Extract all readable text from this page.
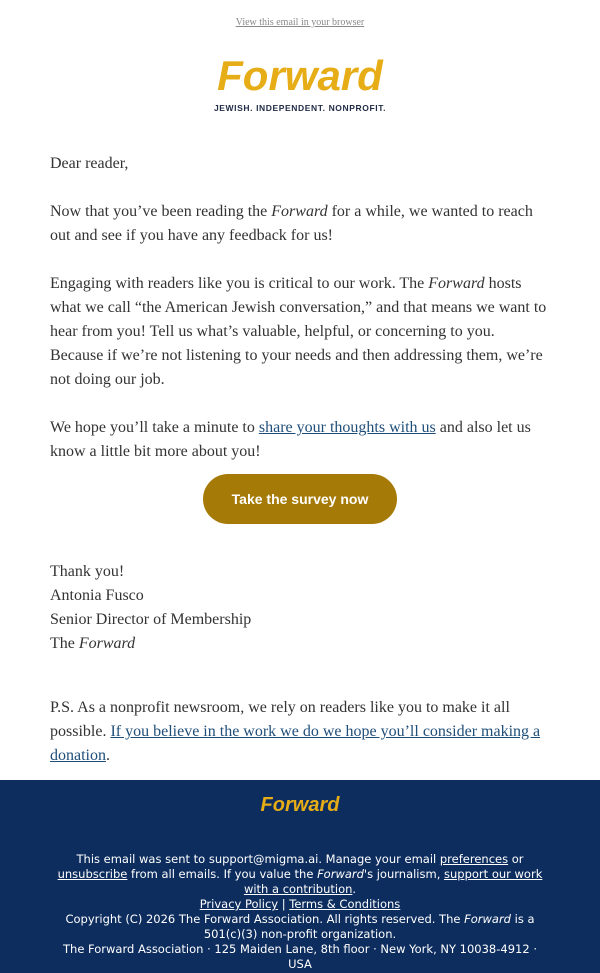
View this email in your browser
Forward
JEWISH. INDEPENDENT. NONPROFIT.

Dear reader,

Now that you’ve been reading the Forward for a while, we wanted to reach out and see if you have any feedback for us!

Engaging with readers like you is critical to our work. The Forward hosts what we call “the American Jewish conversation,” and that means we want to hear from you! Tell us what’s valuable, helpful, or concerning to you. Because if we’re not listening to your needs and then addressing them, we’re not doing our job.

We hope you’ll take a minute to share your thoughts with us and also let us know a little bit more about you!

Take the survey now

Thank you!

Antonia Fusco
Senior Director of Membership
The Forward

P.S. As a nonprofit newsroom, we rely on readers like you to make it all possible. If you believe in the work we do we hope you’ll consider making a donation.

Forward

This email was sent to support@migma.ai. Manage your email preferences or unsubscribe from all emails. If you value the Forward's journalism, support our work with a contribution.

Privacy Policy | Terms & Conditions

Copyright (C) 2026 The Forward Association. All rights reserved. The Forward is a 501(c)(3) non-profit organization.

The Forward Association · 125 Maiden Lane, 8th floor · New York, NY 10038-4912 · USA
